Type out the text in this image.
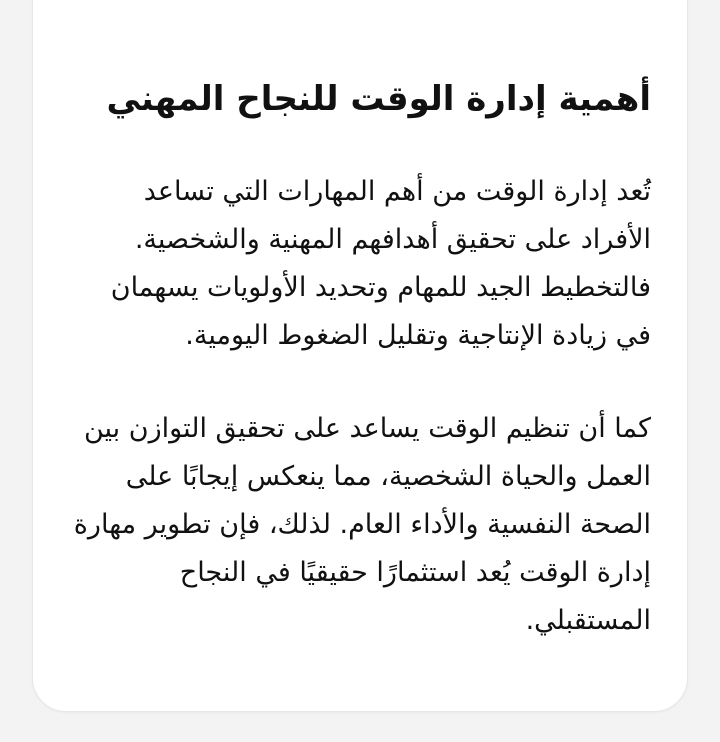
أهمية إدارة الوقت للنجاح المهني

تُعد إدارة الوقت من أهم المهارات التي تساعد الأفراد على تحقيق أهدافهم المهنية والشخصية. فالتخطيط الجيد للمهام وتحديد الأولويات يسهمان في زيادة الإنتاجية وتقليل الضغوط اليومية.

كما أن تنظيم الوقت يساعد على تحقيق التوازن بين العمل والحياة الشخصية، مما ينعكس إيجابًا على الصحة النفسية والأداء العام. لذلك، فإن تطوير مهارة إدارة الوقت يُعد استثمارًا حقيقيًا في النجاح المستقبلي.
